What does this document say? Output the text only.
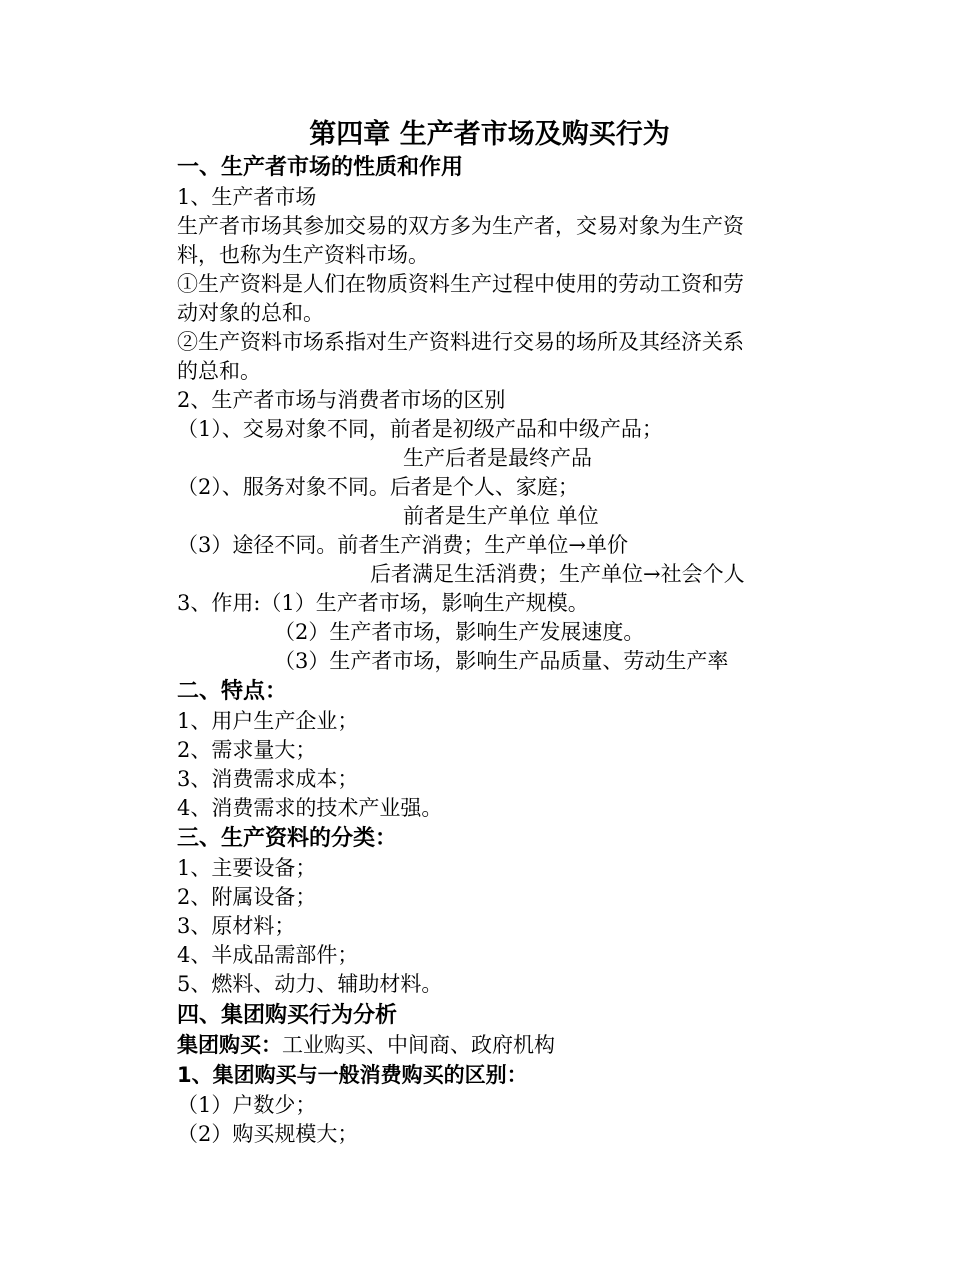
第四章 生产者市场及购买行为
一、生产者市场的性质和作用
1、生产者市场
生产者市场其参加交易的双方多为生产者，交易对象为生产资
料，也称为生产资料市场。
①生产资料是人们在物质资料生产过程中使用的劳动工资和劳
动对象的总和。
②生产资料市场系指对生产资料进行交易的场所及其经济关系
的总和。
2、生产者市场与消费者市场的区别
（1）、交易对象不同，前者是初级产品和中级产品；
生产后者是最终产品
（2）、服务对象不同。后者是个人、家庭；
前者是生产单位 单位
（3）途径不同。前者生产消费；生产单位→单价
后者满足生活消费；生产单位→社会个人
3、作用:（1）生产者市场，影响生产规模。
（2）生产者市场，影响生产发展速度。
（3）生产者市场，影响生产品质量、劳动生产率
二、特点：
1、用户生产企业；
2、需求量大；
3、消费需求成本；
4、消费需求的技术产业强。
三、生产资料的分类：
1、主要设备；
2、附属设备；
3、原材料；
4、半成品需部件；
5、燃料、动力、辅助材料。
四、集团购买行为分析
集团购买：工业购买、中间商、政府机构
1、集团购买与一般消费购买的区别：
（1）户数少；
（2）购买规模大；
